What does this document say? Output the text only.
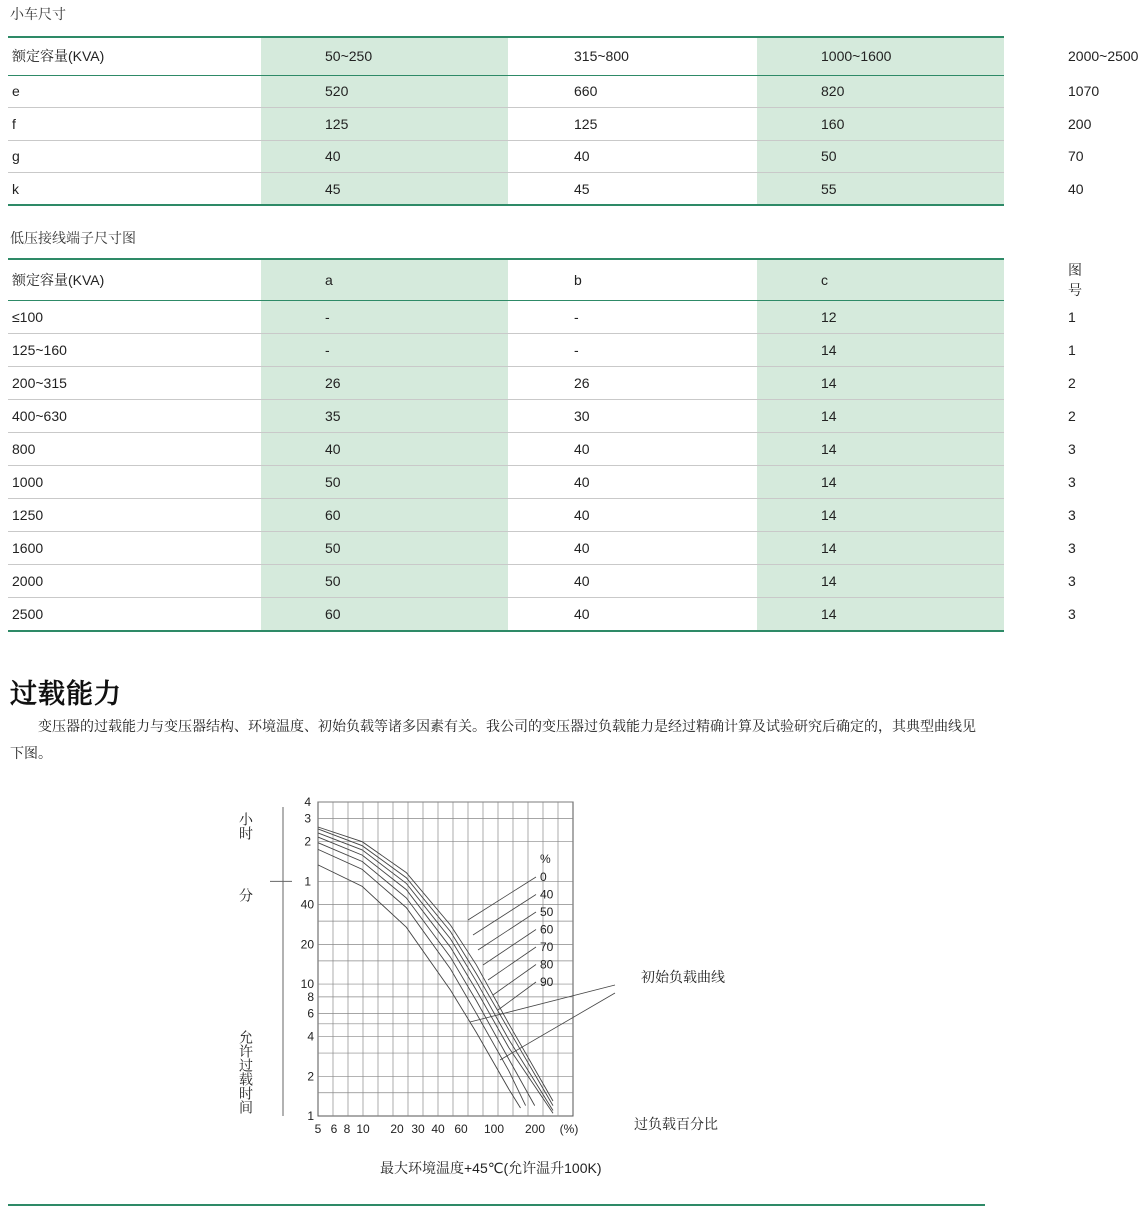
小车尺寸
额定容量(KVA)	50~250	315~800	1000~1600	2000~2500
e	520	660	820	1070
f	125	125	160	200
g	40	40	50	70
k	45	45	55	40
低压接线端子尺寸图
额定容量(KVA)	a	b	c	图号
≤100	-	-	12	1
125~160	-	-	14	1
200~315	26	26	14	2
400~630	35	30	14	2
800	40	40	14	3
1000	50	40	14	3
1250	60	40	14	3
1600	50	40	14	3
2000	50	40	14	3
2500	60	40	14	3
过载能力
变压器的过载能力与变压器结构、环境温度、初始负载等诸多因素有关。我公司的变压器过负载能力是经过精确计算及试验研究后确定的，其典型曲线见下图。
4
3
2
1
40
20
10
8
6
4
2
1
5 6 8 10 20 30 40 60 100 200 (%)
%
0
40
50
60
70
80
90
小时
分
允许过载时间
过负载百分比
最大环境温度+45℃(允许温升100K)
初始负载曲线
